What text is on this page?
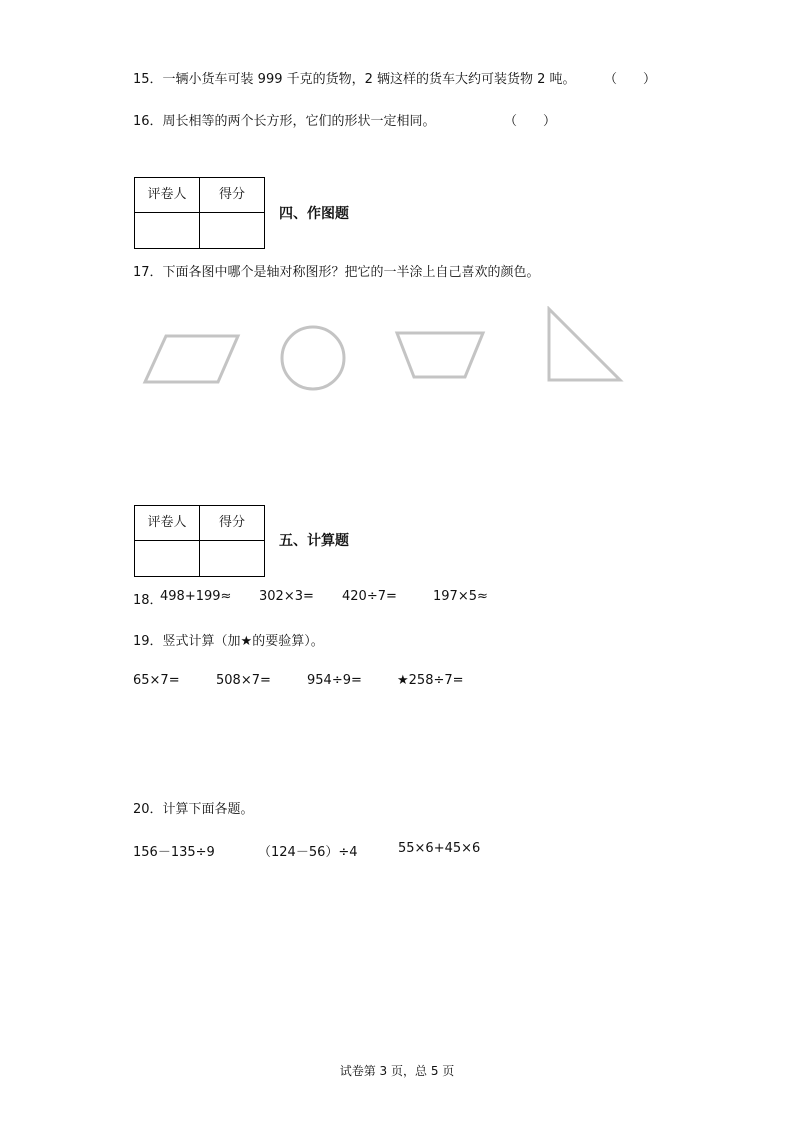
15．一辆小货车可装 999 千克的货物，2 辆这样的货车大约可装货物 2 吨。 （　　）
16．周长相等的两个长方形，它们的形状一定相同。	（　　）
评卷人	得分

四、作图题
17．下面各图中哪个是轴对称图形？把它的一半涂上自己喜欢的颜色。
评卷人	得分

五、计算题
18．
498+199≈ 302×3= 420÷7=	197×5≈
19．竖式计算（加★的要验算）。
65×7=	508×7=	954÷9=	★258÷7=
20．计算下面各题。
156－135÷9	（124－56）÷4	55×6+45×6
试卷第 3 页，总 5 页
